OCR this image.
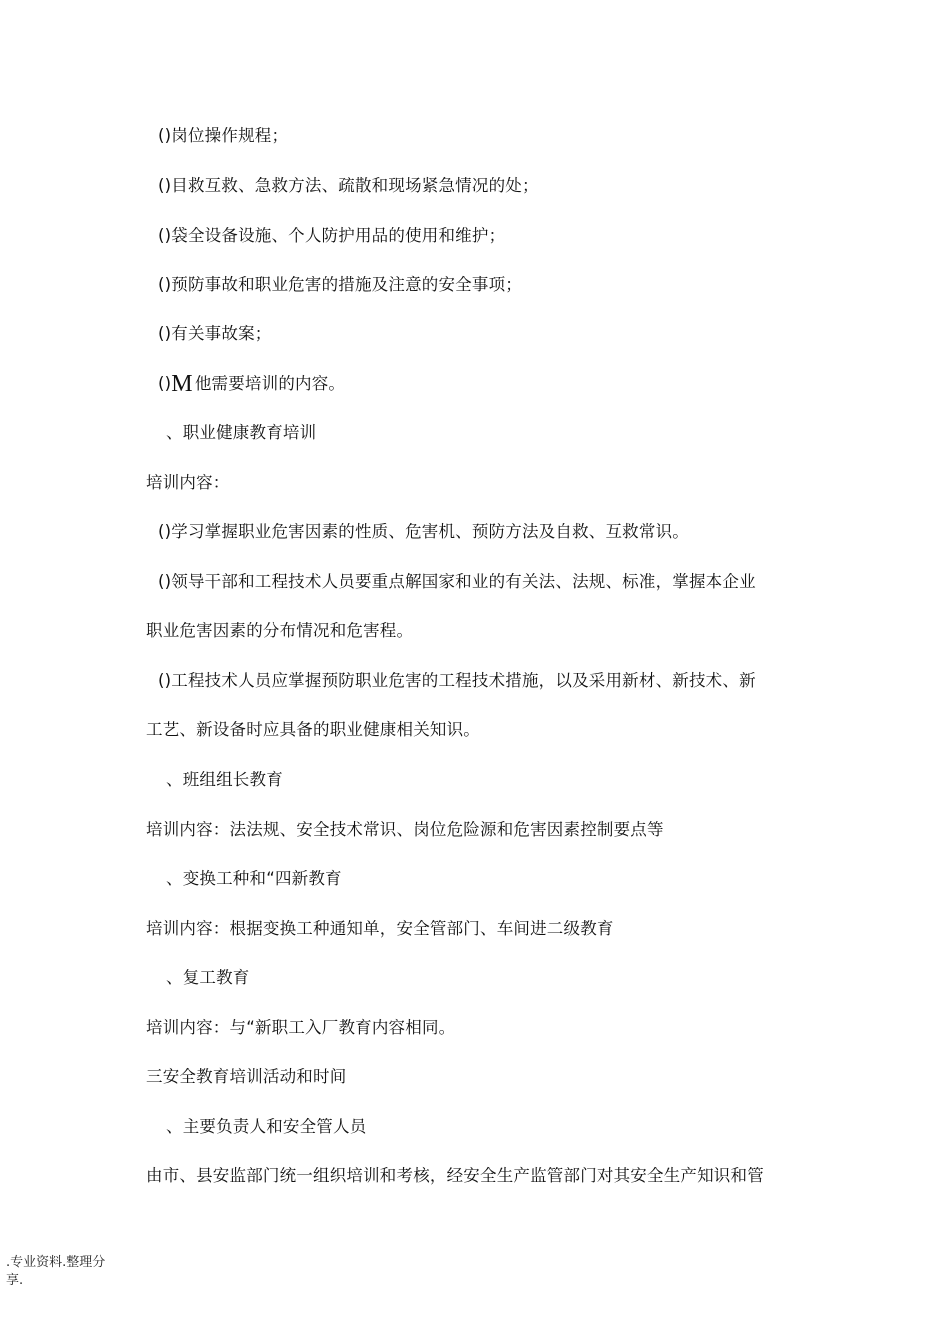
()岗位操作规程；
()目救互救、急救方法、疏散和现场紧急情况的处；
()袋全设备设施、个人防护用品的使用和维护；
()预防事故和职业危害的措施及注意的安全事项；
()有关事故案；
()M 他需要培训的内容。
、职业健康教育培训
培训内容：
()学习掌握职业危害因素的性质、危害机、预防方法及自救、互救常识。
()领导干部和工程技术人员要重点解国家和业的有关法、法规、标准，掌握本企业
职业危害因素的分布情况和危害程。
()工程技术人员应掌握预防职业危害的工程技术措施，以及采用新材、新技术、新
工艺、新设备时应具备的职业健康相关知识。
、班组组长教育
培训内容：法法规、安全技术常识、岗位危险源和危害因素控制要点等
、变换工种和“四新教育
培训内容：根据变换工种通知单，安全管部门、车间进二级教育
、复工教育
培训内容：与“新职工入厂教育内容相同。
三安全教育培训活动和时间
、主要负责人和安全管人员
由市、县安监部门统一组织培训和考核，经安全生产监管部门对其安全生产知识和管
.专业资料.整理分享.
